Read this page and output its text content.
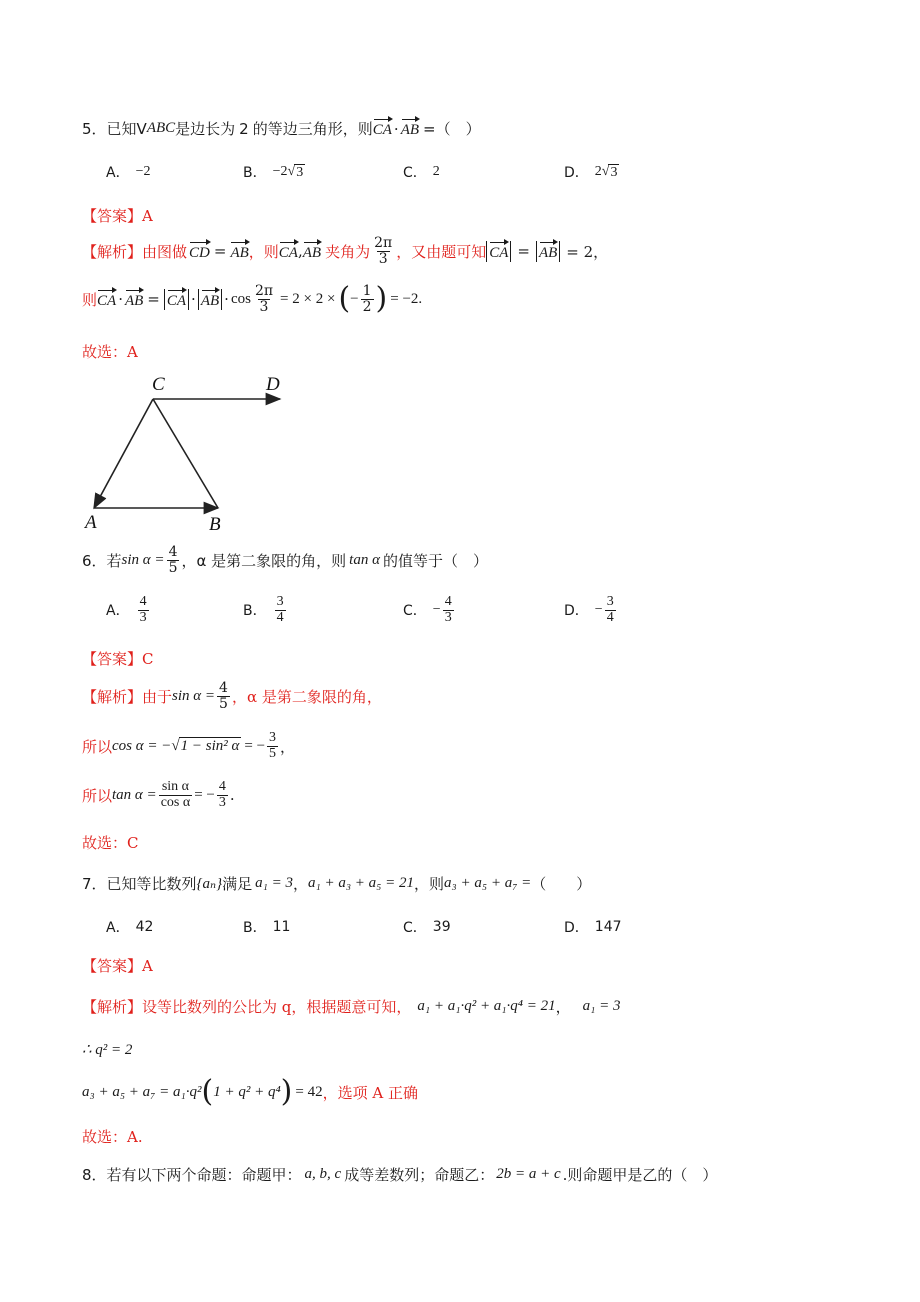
5．已知 V ABC 是边长为 2 的等边三角形，则 CA · AB =（　）
A． −2	B． −2 √ 3	C． 2	D． 2 √ 3
【答案】A
【解析】 由图做 CD = AB ，则 CA , AB 夹角为 $\frac{2\pi}{3}$ ，又由题可知 CA = AB = 2，
则 CA · AB = CA · AB · $\cos \frac{2\pi}{3} = 2 \times 2$ × ( − $\frac{1}{2}$ ) = −2.
故选：A
C	D
A	B
6．若 $\sin \alpha = \frac{4}{5}$ ，α 是第二象限的角，则 tan α 的值等于（　）
A． $\frac{4}{3}$	B． $\frac{3}{4}$	C． − $\frac{4}{3}$	D． − $\frac{3}{4}$
【答案】C
【解析】 由于 $\sin \alpha = \frac{4}{5}$ ，α 是第二象限的角，
所以 cos α = − √ 1 − sin² α = − $\frac{3}{5}$ ，
所以 $\tan \alpha = \frac{\text{sin α}}{\text{cos α}}$ = − $\frac{4}{3}$ .
故选：C
7．已知等比数列 {aₙ} 满足 a₁ = 3 ， a₁ + a₃ + a₅ = 21 ，则 a₃ + a₅ + a₇ = （　　）
A． 42	B． 11	C． 39	D． 147
【答案】A
【解析】 设等比数列的公比为 q，根据题意可知， a₁ + a₁·q² + a₁·q⁴ = 21 ， a₁ = 3
∴ q² = 2
a₃ + a₅ + a₇ = a₁·q² ( 1 + q² + q⁴ ) = 42 ，选项 A 正确
故选：A.
8．若有以下两个命题：命题甲： a, b, c 成等差数列；命题乙： 2b = a + c .则命题甲是乙的（　）
